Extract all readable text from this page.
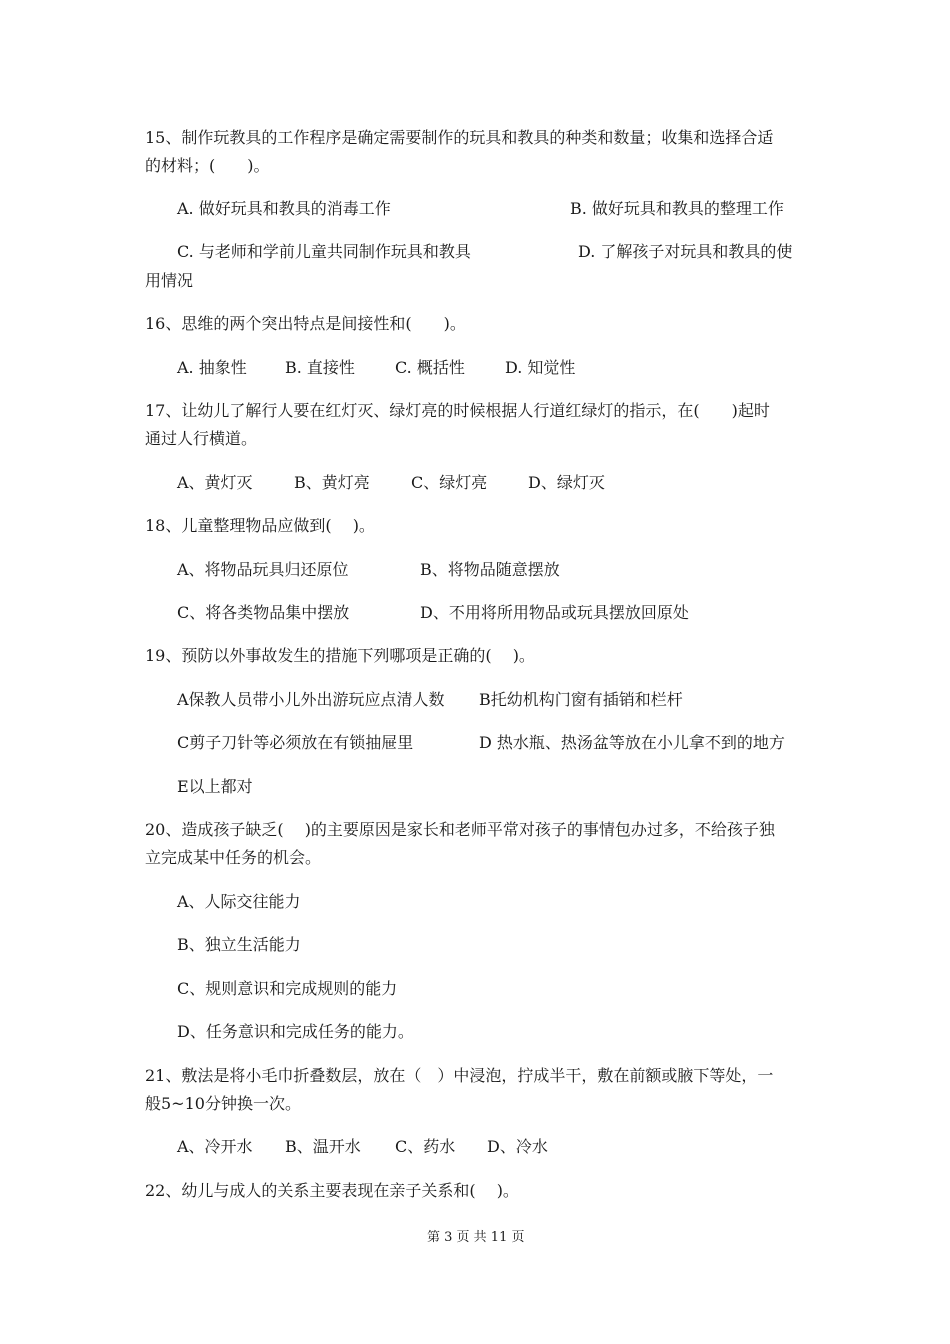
15、制作玩教具的工作程序是确定需要制作的玩具和教具的种类和数量；收集和选择合适
的材料；(　　)。
A. 做好玩具和教具的消毒工作	B. 做好玩具和教具的整理工作
C. 与老师和学前儿童共同制作玩具和教具	D. 了解孩子对玩具和教具的使
用情况
16、思维的两个突出特点是间接性和(　　)。
A. 抽象性 B. 直接性	C. 概括性	D. 知觉性
17、让幼儿了解行人要在红灯灭、绿灯亮的时候根据人行道红绿灯的指示，在(　　)起时
通过人行横道。
A、黄灯灭	B、黄灯亮	C、绿灯亮	D、绿灯灭
18、儿童整理物品应做到(　 )。
A、将物品玩具归还原位	B、将物品随意摆放
C、将各类物品集中摆放	D、不用将所用物品或玩具摆放回原处
19、预防以外事故发生的措施下列哪项是正确的(　 )。
A保教人员带小儿外出游玩应点清人数 B托幼机构门窗有插销和栏杆
C剪子刀针等必须放在有锁抽屉里	D 热水瓶、热汤盆等放在小儿拿不到的地方
E以上都对
20、造成孩子缺乏(　 )的主要原因是家长和老师平常对孩子的事情包办过多，不给孩子独
立完成某中任务的机会。
A、人际交往能力
B、独立生活能力
C、规则意识和完成规则的能力
D、任务意识和完成任务的能力。
21、敷法是将小毛巾折叠数层，放在（　）中浸泡，拧成半干，敷在前额或腋下等处，一
般5~10分钟换一次。
A、冷开水 B、温开水 C、药水 D、冷水
22、幼儿与成人的关系主要表现在亲子关系和(　 )。
第 3 页 共 11 页
